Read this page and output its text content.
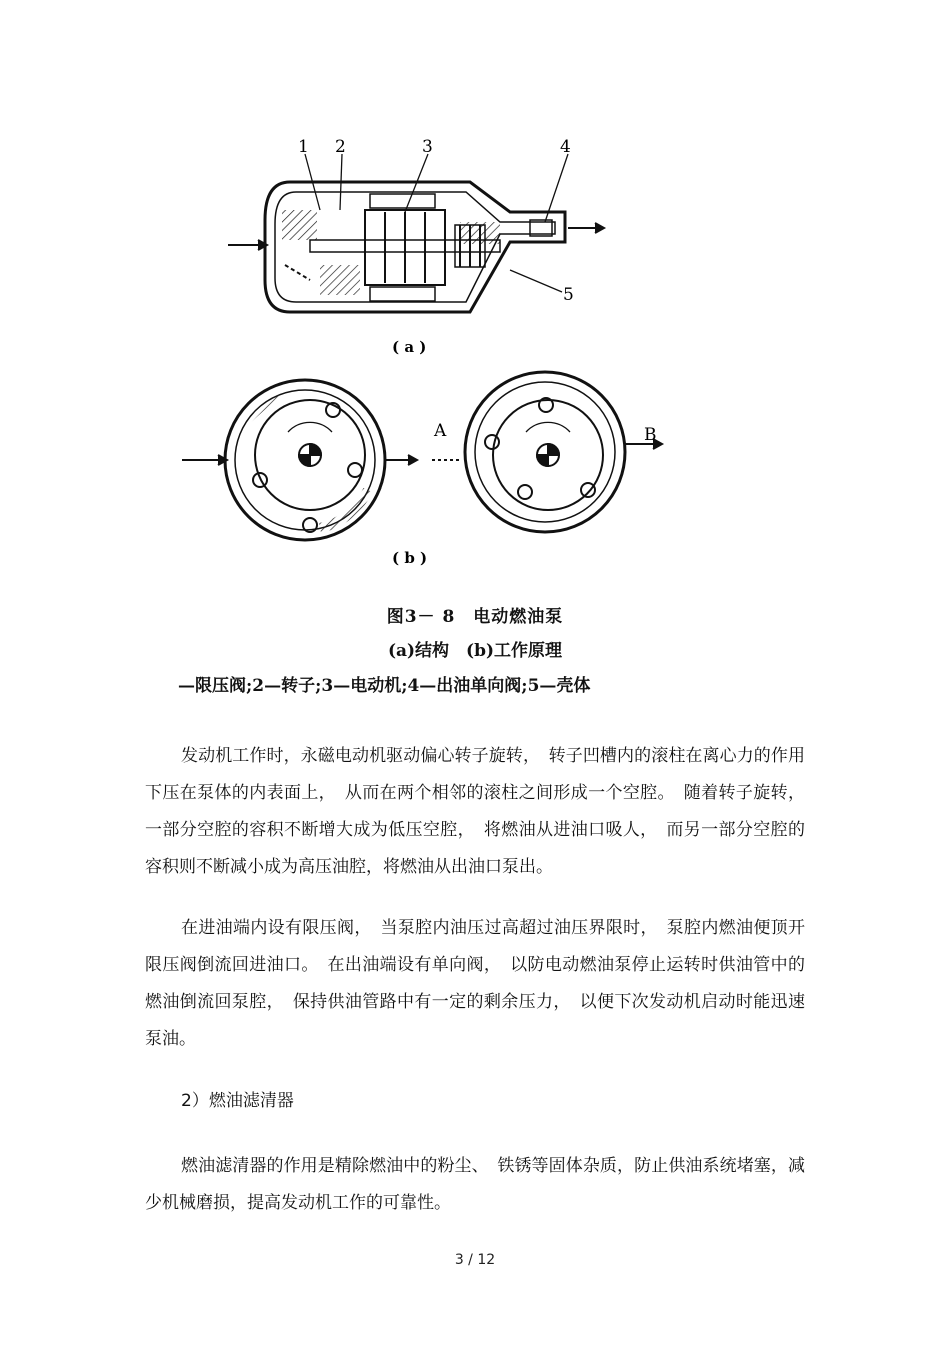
1 2	3	4
5
( a )
A	B
( b )
图3－ 8　电动燃油泵
(a)结构　(b)工作原理
—限压阀;2—转子;3—电动机;4—出油单向阀;5—壳体

发动机工作时，永磁电动机驱动偏心转子旋转，　转子凹槽内的滚柱在离心力的作用下压在泵体的内表面上，　从而在两个相邻的滚柱之间形成一个空腔。　随着转子旋转，一部分空腔的容积不断增大成为低压空腔，　将燃油从进油口吸人，　而另一部分空腔的容积则不断减小成为高压油腔，将燃油从出油口泵出。

在进油端内设有限压阀，　当泵腔内油压过高超过油压界限时，　泵腔内燃油便顶开限压阀倒流回进油口。　在出油端设有单向阀，　以防电动燃油泵停止运转时供油管中的燃油倒流回泵腔，　保持供油管路中有一定的剩余压力，　以便下次发动机启动时能迅速泵油。

2）燃油滤清器

燃油滤清器的作用是精除燃油中的粉尘、　铁锈等固体杂质，防止供油系统堵塞，减少机械磨损，提高发动机工作的可靠性。

3 / 12
